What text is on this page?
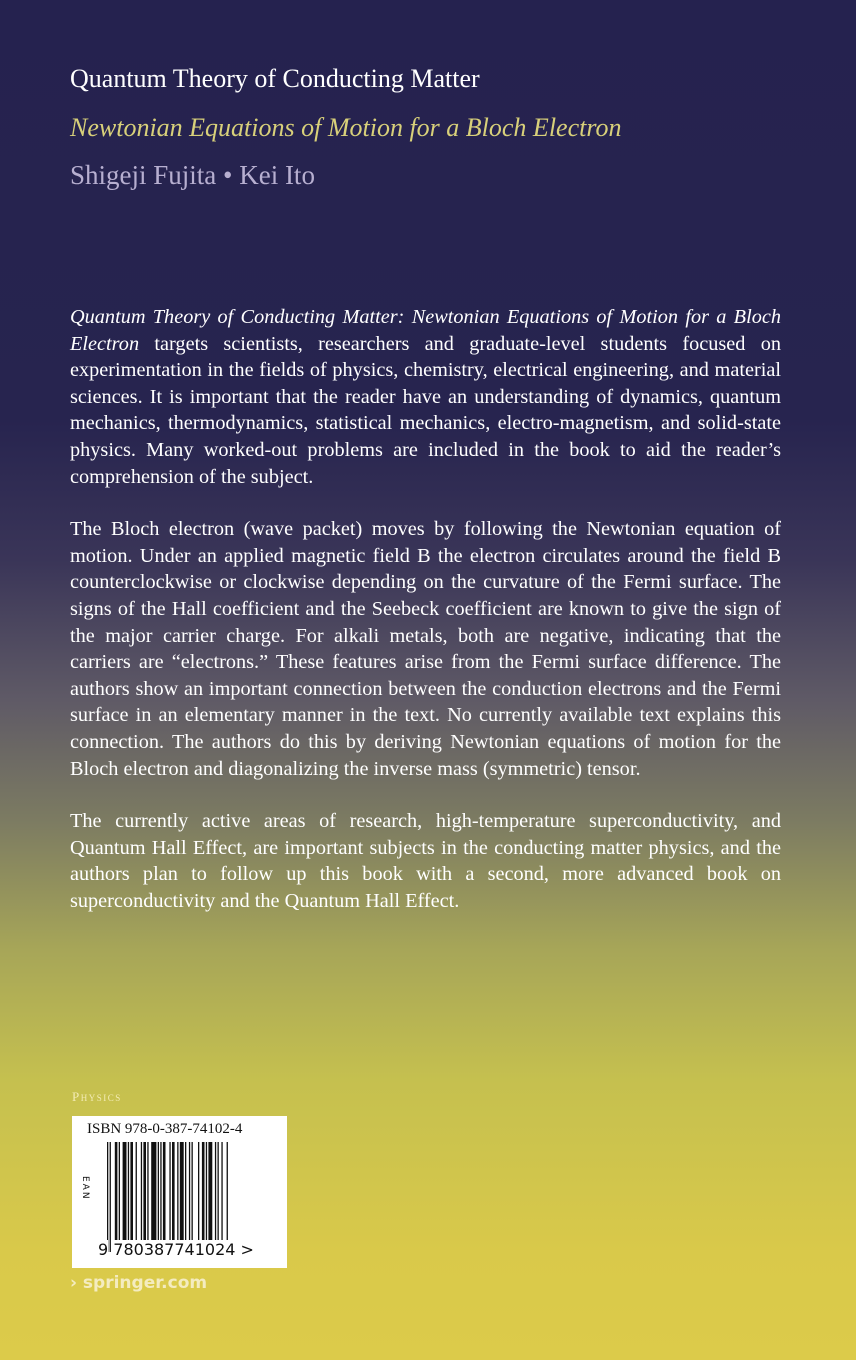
Quantum Theory of Conducting Matter
Newtonian Equations of Motion for a Bloch Electron
Shigeji Fujita • Kei Ito

Quantum Theory of Conducting Matter: Newtonian Equations of Motion for a Bloch Electron targets scientists, researchers and graduate-level students focused on experimentation in the fields of physics, chemistry, electrical engineering, and material sciences. It is important that the reader have an understanding of dynamics, quantum mechanics, thermodynamics, statistical mechanics, electro-magnetism, and solid-state physics. Many worked-out problems are included in the book to aid the reader’s comprehension of the subject.

The Bloch electron (wave packet) moves by following the Newtonian equation of motion. Under an applied magnetic field B the electron circulates around the field B counterclockwise or clockwise depending on the curvature of the Fermi surface. The signs of the Hall coefficient and the Seebeck coefficient are known to give the sign of the major carrier charge. For alkali metals, both are negative, indicating that the carriers are “electrons.” These features arise from the Fermi surface difference. The authors show an important connection between the conduction electrons and the Fermi surface in an elementary manner in the text. No currently available text explains this connection. The authors do this by deriving Newtonian equations of motion for the Bloch electron and diagonalizing the inverse mass (symmetric) tensor.

The currently active areas of research, high-temperature superconductivity, and Quantum Hall Effect, are important subjects in the conducting matter physics, and the authors plan to follow up this book with a second, more advanced book on superconductivity and the Quantum Hall Effect.

Physics
ISBN 978-0-387-74102-4
EAN
9 780387741024 >
› springer.com
